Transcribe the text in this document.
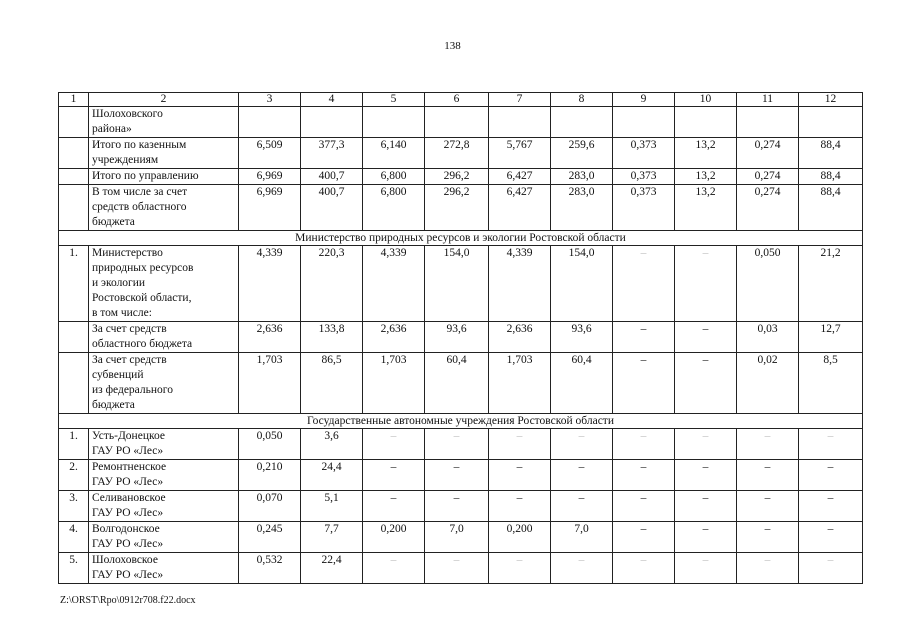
138
1	2	3	4	5	6	7	8	9	10	11	12
	Шолоховского
района»										
	Итого по казенным
учреждениям	6,509	377,3	6,140	272,8	5,767	259,6	0,373	13,2	0,274	88,4
	Итого по управлению	6,969	400,7	6,800	296,2	6,427	283,0	0,373	13,2	0,274	88,4
	В том числе за счет
средств областного
бюджета	6,969	400,7	6,800	296,2	6,427	283,0	0,373	13,2	0,274	88,4
Министерство природных ресурсов и экологии Ростовской области											
1.	Министерство
природных ресурсов
и экологии
Ростовской области,
в том числе:	4,339	220,3	4,339	154,0	4,339	154,0	–	–	0,050	21,2
	За счет средств
областного бюджета	2,636	133,8	2,636	93,6	2,636	93,6	–	–	0,03	12,7
	За счет средств
субвенций
из федерального
бюджета	1,703	86,5	1,703	60,4	1,703	60,4	–	–	0,02	8,5
Государственные автономные учреждения Ростовской области											
1.	Усть-Донецкое
ГАУ РО «Лес»	0,050	3,6	–	–	–	–	–	–	–	–
2.	Ремонтненское
ГАУ РО «Лес»	0,210	24,4	–	–	–	–	–	–	–	–
3.	Селивановское
ГАУ РО «Лес»	0,070	5,1	–	–	–	–	–	–	–	–
4.	Волгодонское
ГАУ РО «Лес»	0,245	7,7	0,200	7,0	0,200	7,0	–	–	–	–
5.	Шолоховское
ГАУ РО «Лес»	0,532	22,4	–	–	–	–	–	–	–	–
Z:\ORST\Rpo\0912r708.f22.docx
